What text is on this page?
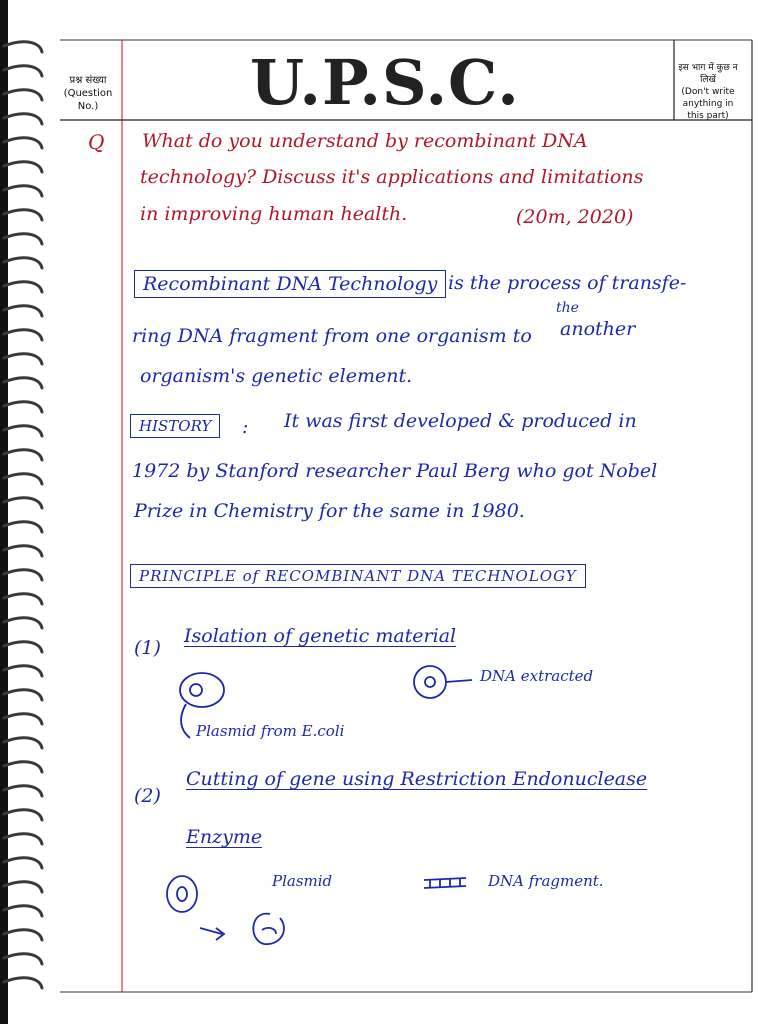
प्रश्न संख्या
(Question No.) U.P.S.C.	इस भाग में कुछ न लिखें
(Don't write anything in this part)
Q What do you understand by recombinant DNA
technology? Discuss it's applications and limitations
in improving human health.	(20m, 2020)
Recombinant DNA Technology is the process of transfe-
ring DNA fragment from one organism to
the
another
organism's genetic element.
HISTORY	: It was first developed & produced in
1972 by Stanford researcher Paul Berg who got Nobel
Prize in Chemistry for the same in 1980.
PRINCIPLE of RECOMBINANT DNA TECHNOLOGY
(1)
Isolation of genetic material
DNA extracted
Plasmid from E.coli
(2)
Cutting of gene using Restriction Endonuclease
Enzyme
Plasmid	DNA fragment.
